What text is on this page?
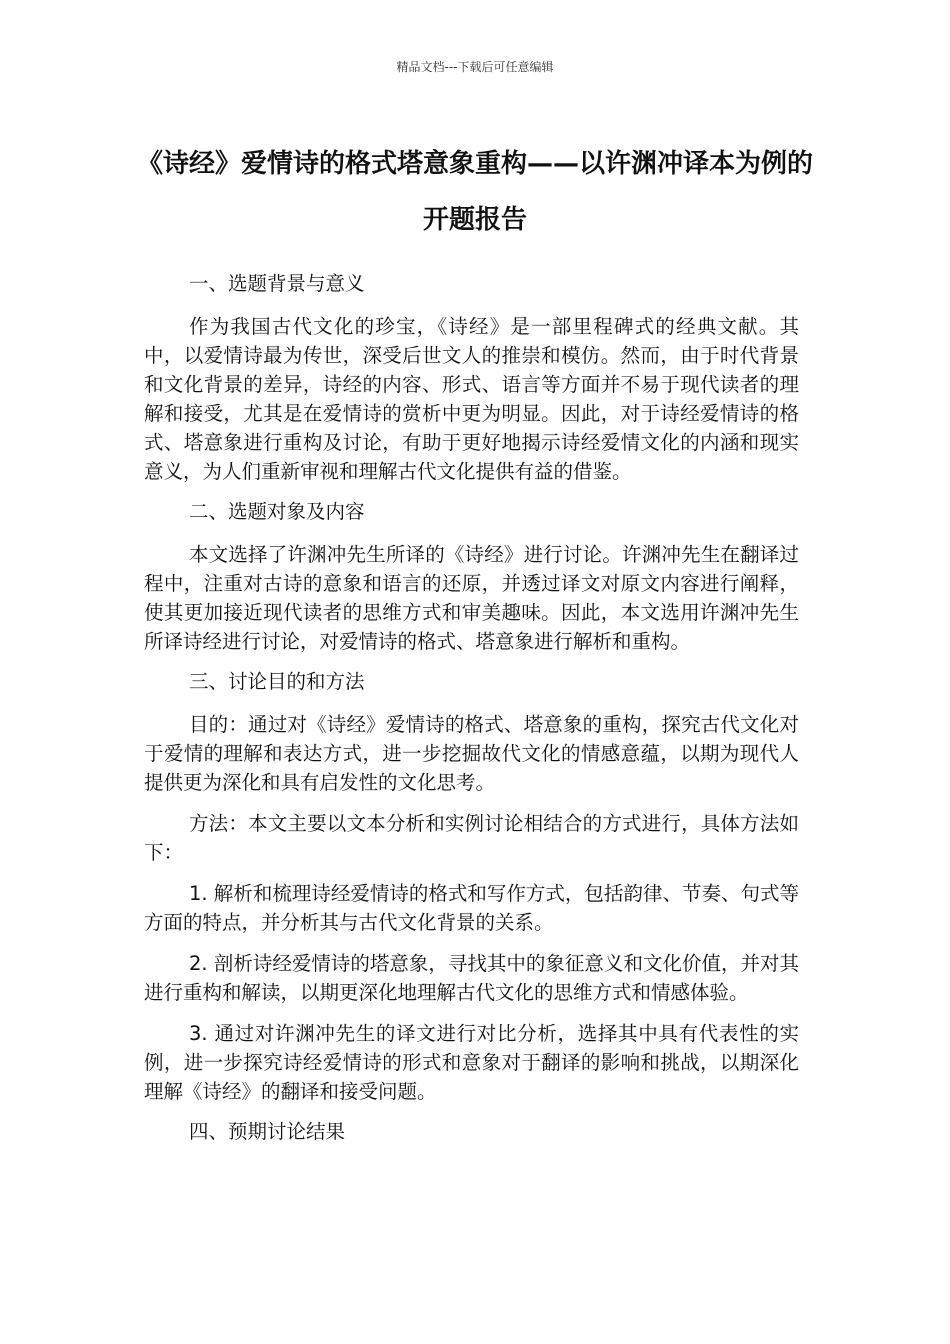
精品文档---下载后可任意编辑
《诗经》爱情诗的格式塔意象重构——以许渊冲译本为例的开题报告
一、选题背景与意义

作为我国古代文化的珍宝，《诗经》是一部里程碑式的经典文献。其中，以爱情诗最为传世，深受后世文人的推崇和模仿。然而，由于时代背景和文化背景的差异，诗经的内容、形式、语言等方面并不易于现代读者的理解和接受，尤其是在爱情诗的赏析中更为明显。因此，对于诗经爱情诗的格式、塔意象进行重构及讨论，有助于更好地揭示诗经爱情文化的内涵和现实意义，为人们重新审视和理解古代文化提供有益的借鉴。

二、选题对象及内容

本文选择了许渊冲先生所译的《诗经》进行讨论。许渊冲先生在翻译过程中，注重对古诗的意象和语言的还原，并透过译文对原文内容进行阐释，使其更加接近现代读者的思维方式和审美趣味。因此，本文选用许渊冲先生所译诗经进行讨论，对爱情诗的格式、塔意象进行解析和重构。

三、讨论目的和方法

目的：通过对《诗经》爱情诗的格式、塔意象的重构，探究古代文化对于爱情的理解和表达方式，进一步挖掘故代文化的情感意蕴，以期为现代人提供更为深化和具有启发性的文化思考。

方法：本文主要以文本分析和实例讨论相结合的方式进行，具体方法如下：

1. 解析和梳理诗经爱情诗的格式和写作方式，包括韵律、节奏、句式等方面的特点，并分析其与古代文化背景的关系。

2. 剖析诗经爱情诗的塔意象，寻找其中的象征意义和文化价值，并对其进行重构和解读，以期更深化地理解古代文化的思维方式和情感体验。

3. 通过对许渊冲先生的译文进行对比分析，选择其中具有代表性的实例，进一步探究诗经爱情诗的形式和意象对于翻译的影响和挑战，以期深化理解《诗经》的翻译和接受问题。

四、预期讨论结果
